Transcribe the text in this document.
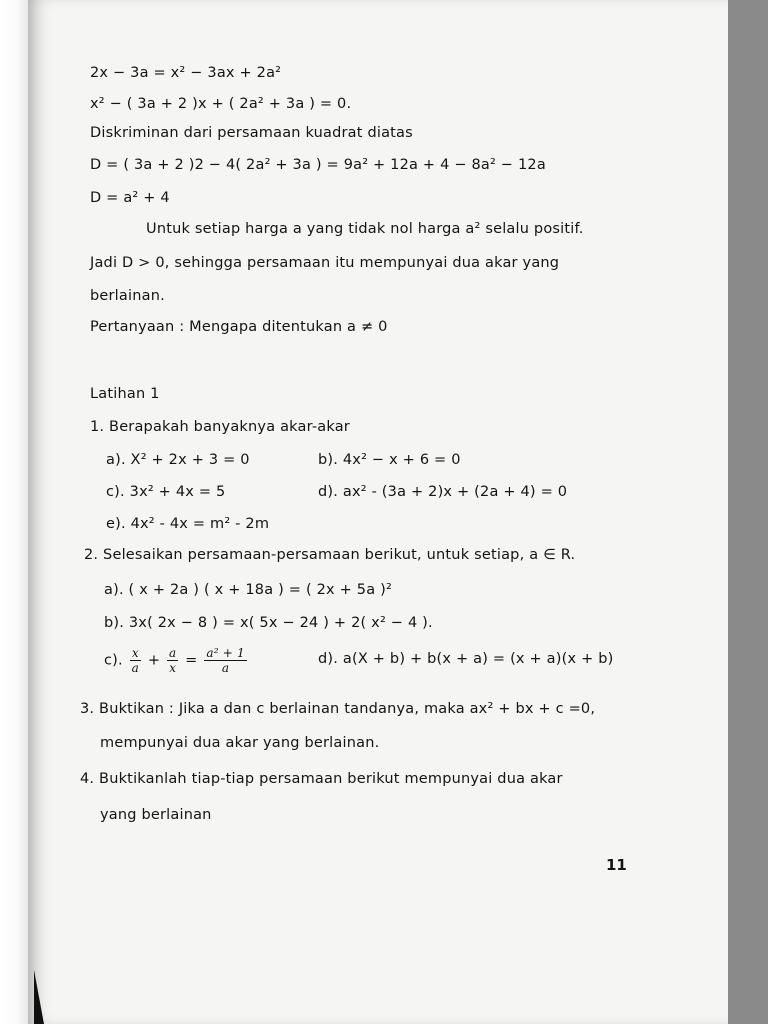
2x − 3a = x² − 3ax + 2a²
x² − ( 3a + 2 )x + ( 2a² + 3a ) = 0.
Diskriminan dari persamaan kuadrat diatas
D = ( 3a + 2 )2 − 4( 2a² + 3a ) = 9a² + 12a + 4 − 8a² − 12a
D = a² + 4
Untuk setiap harga a yang tidak nol harga a² selalu positif.
Jadi D > 0, sehingga persamaan itu mempunyai dua akar yang
berlainan.
Pertanyaan : Mengapa ditentukan a ≠ 0
Latihan 1
1. Berapakah banyaknya akar-akar
a). X² + 2x + 3 = 0	b). 4x² − x + 6 = 0
c). 3x² + 4x = 5	d). ax² - (3a + 2)x + (2a + 4) = 0
e). 4x² - 4x = m² - 2m
2. Selesaikan persamaan-persamaan berikut, untuk setiap, a ∈ R.
a). ( x + 2a ) ( x + 18a ) = ( 2x + 5a )²
b). 3x( 2x − 8 ) = x( 5x − 24 ) + 2( x² − 4 ).
c). $\frac{x}{a} + \frac{a}{x} = \frac{\text{a² + 1}}{a}$	d). a(X + b) + b(x + a) = (x + a)(x + b)
3. Buktikan : Jika a dan c berlainan tandanya, maka ax² + bx + c =0,
mempunyai dua akar yang berlainan.
4. Buktikanlah tiap-tiap persamaan berikut mempunyai dua akar
yang berlainan
11
